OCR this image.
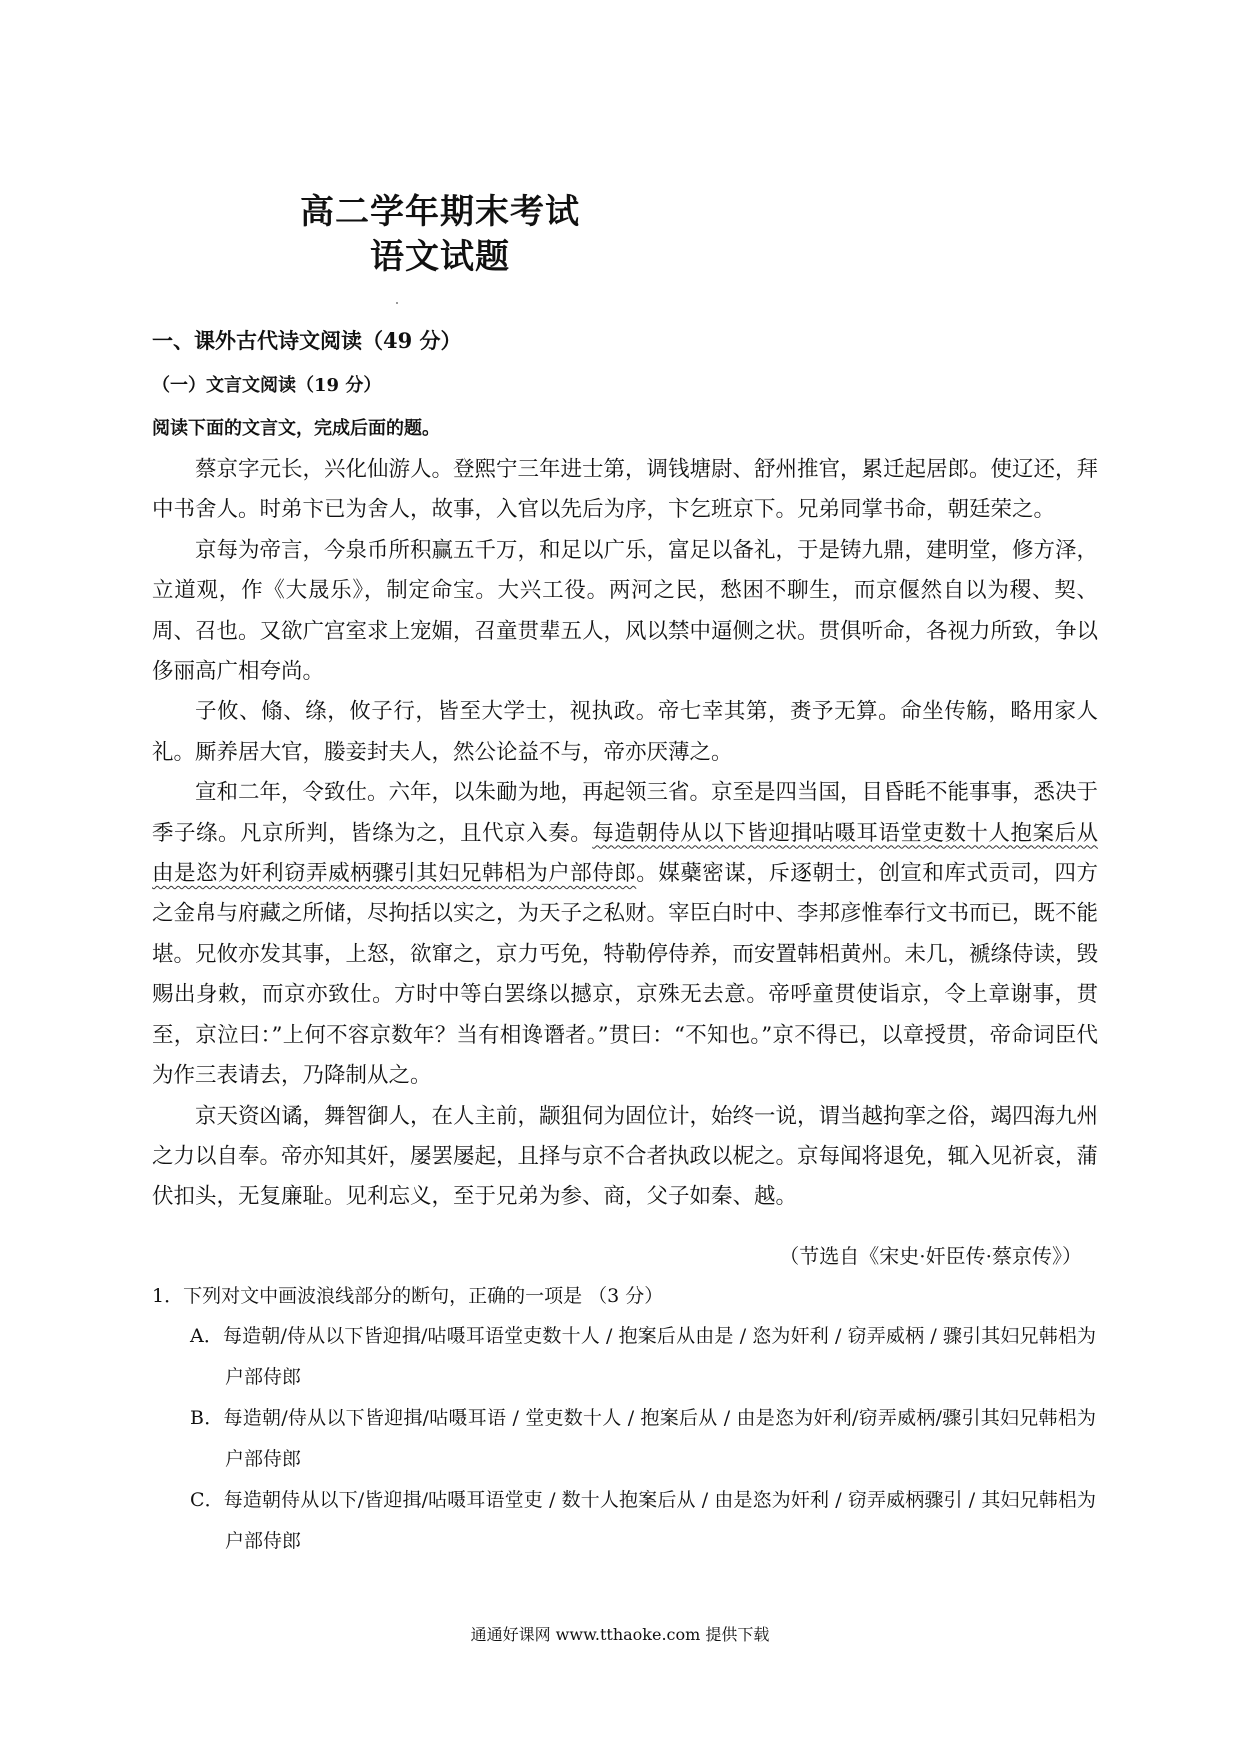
高二学年期末考试
语文试题
一、课外古代诗文阅读（49 分）
（一）文言文阅读（19 分）
阅读下面的文言文，完成后面的题。

蔡京字元长，兴化仙游人。登熙宁三年进士第，调钱塘尉、舒州推官，累迁起居郎。使辽还，拜中书舍人。时弟卞已为舍人，故事，入官以先后为序，卞乞班京下。兄弟同掌书命，朝廷荣之。

京每为帝言，今泉币所积赢五千万，和足以广乐，富足以备礼，于是铸九鼎，建明堂，修方泽，立道观，作《大晟乐》，制定命宝。大兴工役。两河之民，愁困不聊生，而京偃然自以为稷、契、周、召也。又欲广宫室求上宠媚，召童贯辈五人，风以禁中逼侧之状。贯俱听命，各视力所致，争以侈丽高广相夸尚。

子攸、翛、绦，攸子行，皆至大学士，视执政。帝七幸其第，赉予无算。命坐传觞，略用家人礼。厮养居大官，媵妾封夫人，然公论益不与，帝亦厌薄之。

宣和二年，令致仕。六年，以朱勔为地，再起领三省。京至是四当国，目昏眊不能事事，悉决于季子绦。凡京所判，皆绦为之，且代京入奏。每造朝侍从以下皆迎揖呫嗫耳语堂吏数十人抱案后从由是恣为奸利窃弄威柄骤引其妇兄韩梠为户部侍郎。媒蘗密谋，斥逐朝士，创宣和库式贡司，四方之金帛与府藏之所储，尽拘括以实之，为天子之私财。宰臣白时中、李邦彦惟奉行文书而已，既不能堪。兄攸亦发其事，上怒，欲窜之，京力丐免，特勒停侍养，而安置韩梠黄州。未几，褫绦侍读，毁赐出身敕，而京亦致仕。方时中等白罢绦以撼京，京殊无去意。帝呼童贯使诣京，令上章谢事，贯至，京泣曰：”上何不容京数年？当有相谗谮者。”贯曰：“不知也。”京不得已，以章授贯，帝命词臣代为作三表请去，乃降制从之。

京天资凶谲，舞智御人，在人主前，颛狙伺为固位计，始终一说，谓当越拘挛之俗，竭四海九州之力以自奉。帝亦知其奸，屡罢屡起，且择与京不合者执政以柅之。京每闻将退免，辄入见祈哀，蒲伏扣头，无复廉耻。见利忘义，至于兄弟为参、商，父子如秦、越。

（节选自《宋史·奸臣传·蔡京传》）
1．下列对文中画波浪线部分的断句，正确的一项是 （3 分）

A．每造朝/侍从以下皆迎揖/呫嗫耳语堂吏数十人 / 抱案后从由是 / 恣为奸利 / 窃弄威柄 / 骤引其妇兄韩梠为户部侍郎

B．每造朝/侍从以下皆迎揖/呫嗫耳语 / 堂吏数十人 / 抱案后从 / 由是恣为奸利/窃弄威柄/骤引其妇兄韩梠为户部侍郎

C．每造朝侍从以下/皆迎揖/呫嗫耳语堂吏 / 数十人抱案后从 / 由是恣为奸利 / 窃弄威柄骤引 / 其妇兄韩梠为户部侍郎

通通好课网 www.tthaoke.com 提供下载
